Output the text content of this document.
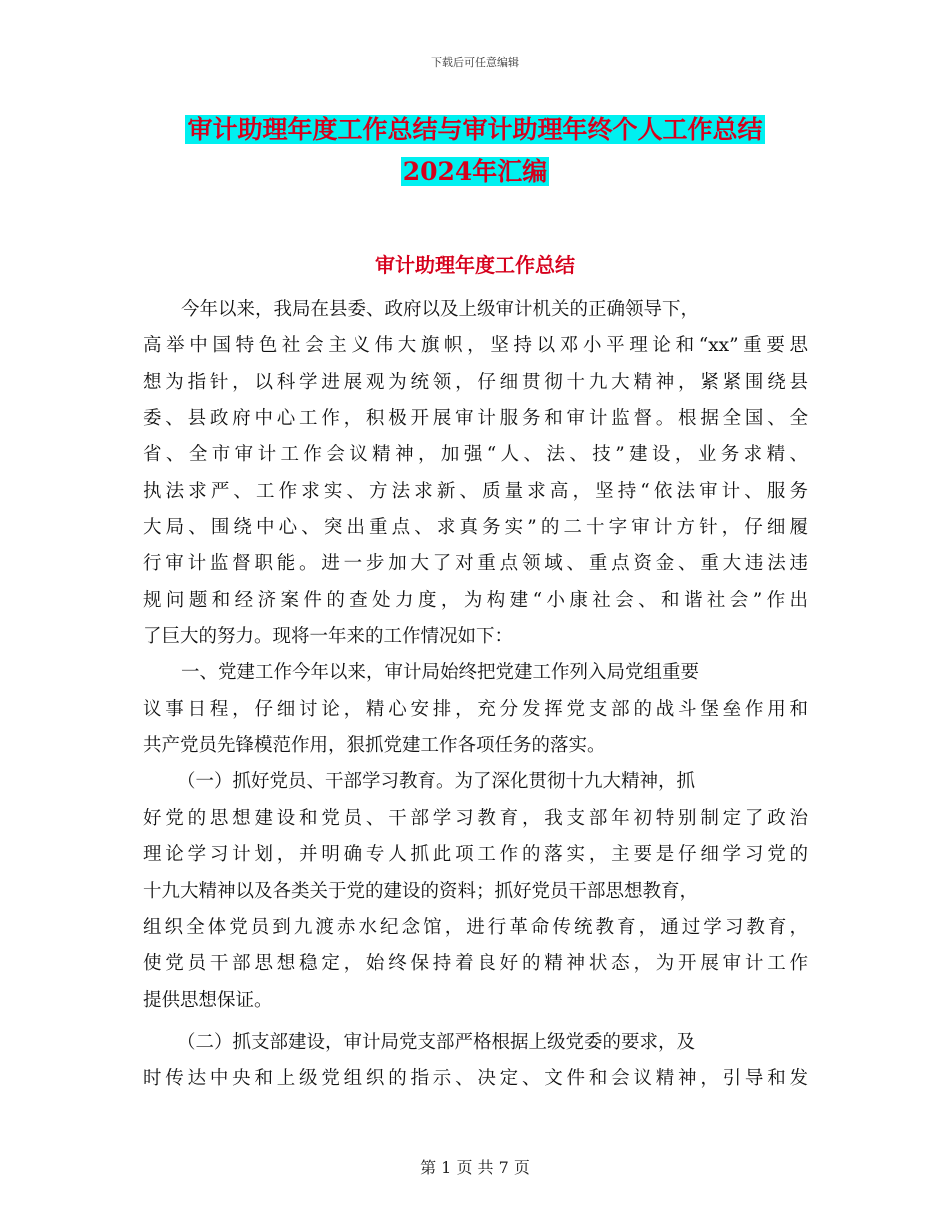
下载后可任意编辑
审计助理年度工作总结与审计助理年终个人工作总结
2024年汇编
审计助理年度工作总结
今年以来，我局在县委、政府以及上级审计机关的正确领导下，
高举中国特色社会主义伟大旗帜，坚持以邓小平理论和“xx”重要思
想为指针，以科学进展观为统领，仔细贯彻十九大精神，紧紧围绕县
委、县政府中心工作，积极开展审计服务和审计监督。根据全国、全
省、全市审计工作会议精神，加强“人、法、技”建设，业务求精、
执法求严、工作求实、方法求新、质量求高，坚持“依法审计、服务
大局、围绕中心、突出重点、求真务实”的二十字审计方针，仔细履
行审计监督职能。进一步加大了对重点领域、重点资金、重大违法违
规问题和经济案件的查处力度，为构建“小康社会、和谐社会”作出
了巨大的努力。现将一年来的工作情况如下：
一、党建工作今年以来，审计局始终把党建工作列入局党组重要
议事日程，仔细讨论，精心安排，充分发挥党支部的战斗堡垒作用和
共产党员先锋模范作用，狠抓党建工作各项任务的落实。
（一）抓好党员、干部学习教育。为了深化贯彻十九大精神，抓
好党的思想建设和党员、干部学习教育，我支部年初特别制定了政治
理论学习计划，并明确专人抓此项工作的落实，主要是仔细学习党的
十九大精神以及各类关于党的建设的资料；抓好党员干部思想教育，
组织全体党员到九渡赤水纪念馆，进行革命传统教育，通过学习教育，
使党员干部思想稳定，始终保持着良好的精神状态，为开展审计工作
提供思想保证。
（二）抓支部建设，审计局党支部严格根据上级党委的要求，及
时传达中央和上级党组织的指示、决定、文件和会议精神，引导和发
第 1 页 共 7 页
